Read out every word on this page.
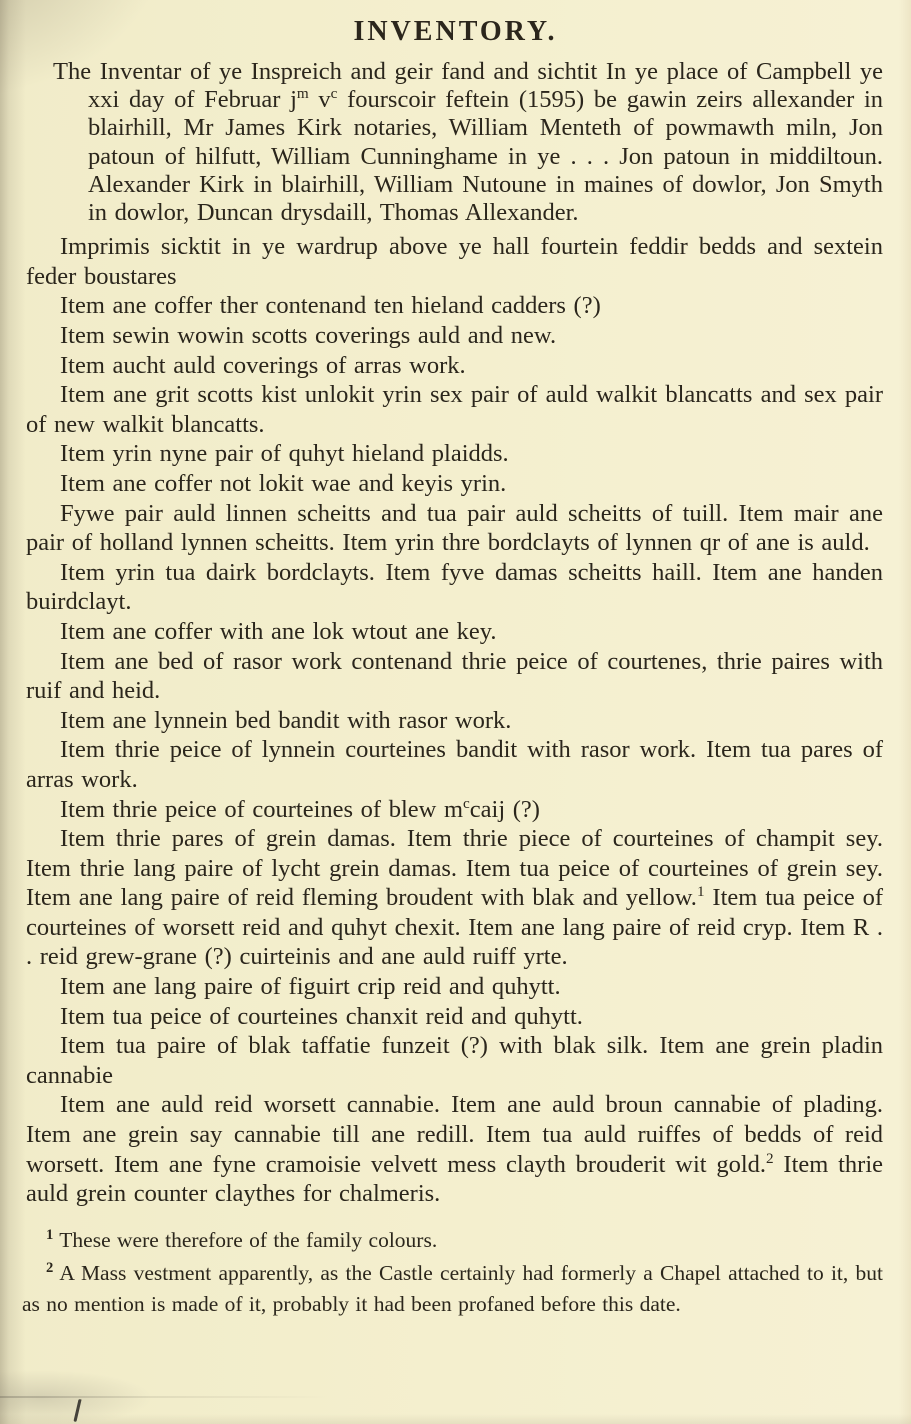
INVENTORY.

The Inventar of ye Inspreich and geir fand and sichtit In ye place of Campbell ye xxi day of Februar $j^m$ $v^c$ fourscoir feftein (1595) be gawin zeirs allexander in blairhill, Mr James Kirk notaries, William Menteth of powmawth miln, Jon patoun of hilfutt, William Cunninghame in ye . . . Jon patoun in middiltoun. Alexander Kirk in blairhill, William Nutoune in maines of dowlor, Jon Smyth in dowlor, Duncan drysdaill, Thomas Allexander.

Imprimis sicktit in ye wardrup above ye hall fourtein feddir bedds and sextein feder boustares

Item ane coffer ther contenand ten hieland cadders (?)

Item sewin wowin scotts coverings auld and new.

Item aucht auld coverings of arras work.

Item ane grit scotts kist unlokit yrin sex pair of auld walkit blancatts and sex pair of new walkit blancatts.

Item yrin nyne pair of quhyt hieland plaidds.

Item ane coffer not lokit wae and keyis yrin.

Fywe pair auld linnen scheitts and tua pair auld scheitts of tuill. Item mair ane pair of holland lynnen scheitts. Item yrin thre bordclayts of lynnen qr of ane is auld.

Item yrin tua dairk bordclayts. Item fyve damas scheitts haill. Item ane handen buirdclayt.

Item ane coffer with ane lok wtout ane key.

Item ane bed of rasor work contenand thrie peice of courtenes, thrie paires with ruif and heid.

Item ane lynnein bed bandit with rasor work.

Item thrie peice of lynnein courteines bandit with rasor work. Item tua pares of arras work.

Item thrie peice of courteines of blew $m^ccaij$ (?)

Item thrie pares of grein damas. Item thrie piece of courteines of champit sey. Item thrie lang paire of lycht grein damas. Item tua peice of courteines of grein sey. Item ane lang paire of reid fleming broudent with blak and yellow.$^1$ Item tua peice of courteines of worsett reid and quhyt chexit. Item ane lang paire of reid cryp. Item R . . reid grew-grane (?) cuirteinis and ane auld ruiff yrte.

Item ane lang paire of figuirt crip reid and quhytt.

Item tua peice of courteines chanxit reid and quhytt.

Item tua paire of blak taffatie funzeit (?) with blak silk. Item ane grein pladin cannabie

Item ane auld reid worsett cannabie. Item ane auld broun cannabie of plading. Item ane grein say cannabie till ane redill. Item tua auld ruiffes of bedds of reid worsett. Item ane fyne cramoisie velvett mess clayth brouderit wit gold.$^2$ Item thrie auld grein counter claythes for chalmeris.

$^1$ These were therefore of the family colours.

$^2$ A Mass vestment apparently, as the Castle certainly had formerly a Chapel attached to it, but as no mention is made of it, probably it had been profaned before this date.
